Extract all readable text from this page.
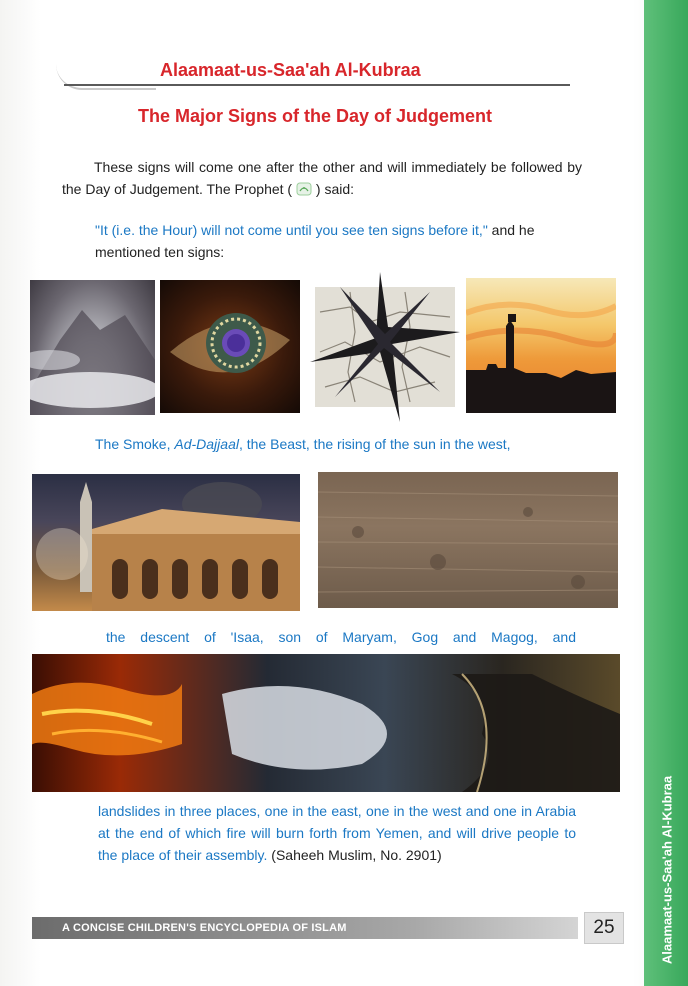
Alaamaat-us-Saa'ah Al-Kubraa
Alaamaat-us-Saa'ah Al-Kubraa
The Major Signs of the Day of Judgement
These signs will come one after the other and will immediately be followed by the Day of Judgement. The Prophet (  ) said:
"It (i.e. the Hour) will not come until you see ten signs before it," and he mentioned ten signs:
The Smoke, Ad-Dajjaal, the Beast, the rising of the sun in the west,
the descent of 'Isaa, son of Maryam, Gog and Magog, and
landslides in three places, one in the east, one in the west and one in Arabia at the end of which fire will burn forth from Yemen, and will drive people to the place of their assembly. (Saheeh Muslim, No. 2901)
A CONCISE CHILDREN'S ENCYCLOPEDIA OF ISLAM	25
